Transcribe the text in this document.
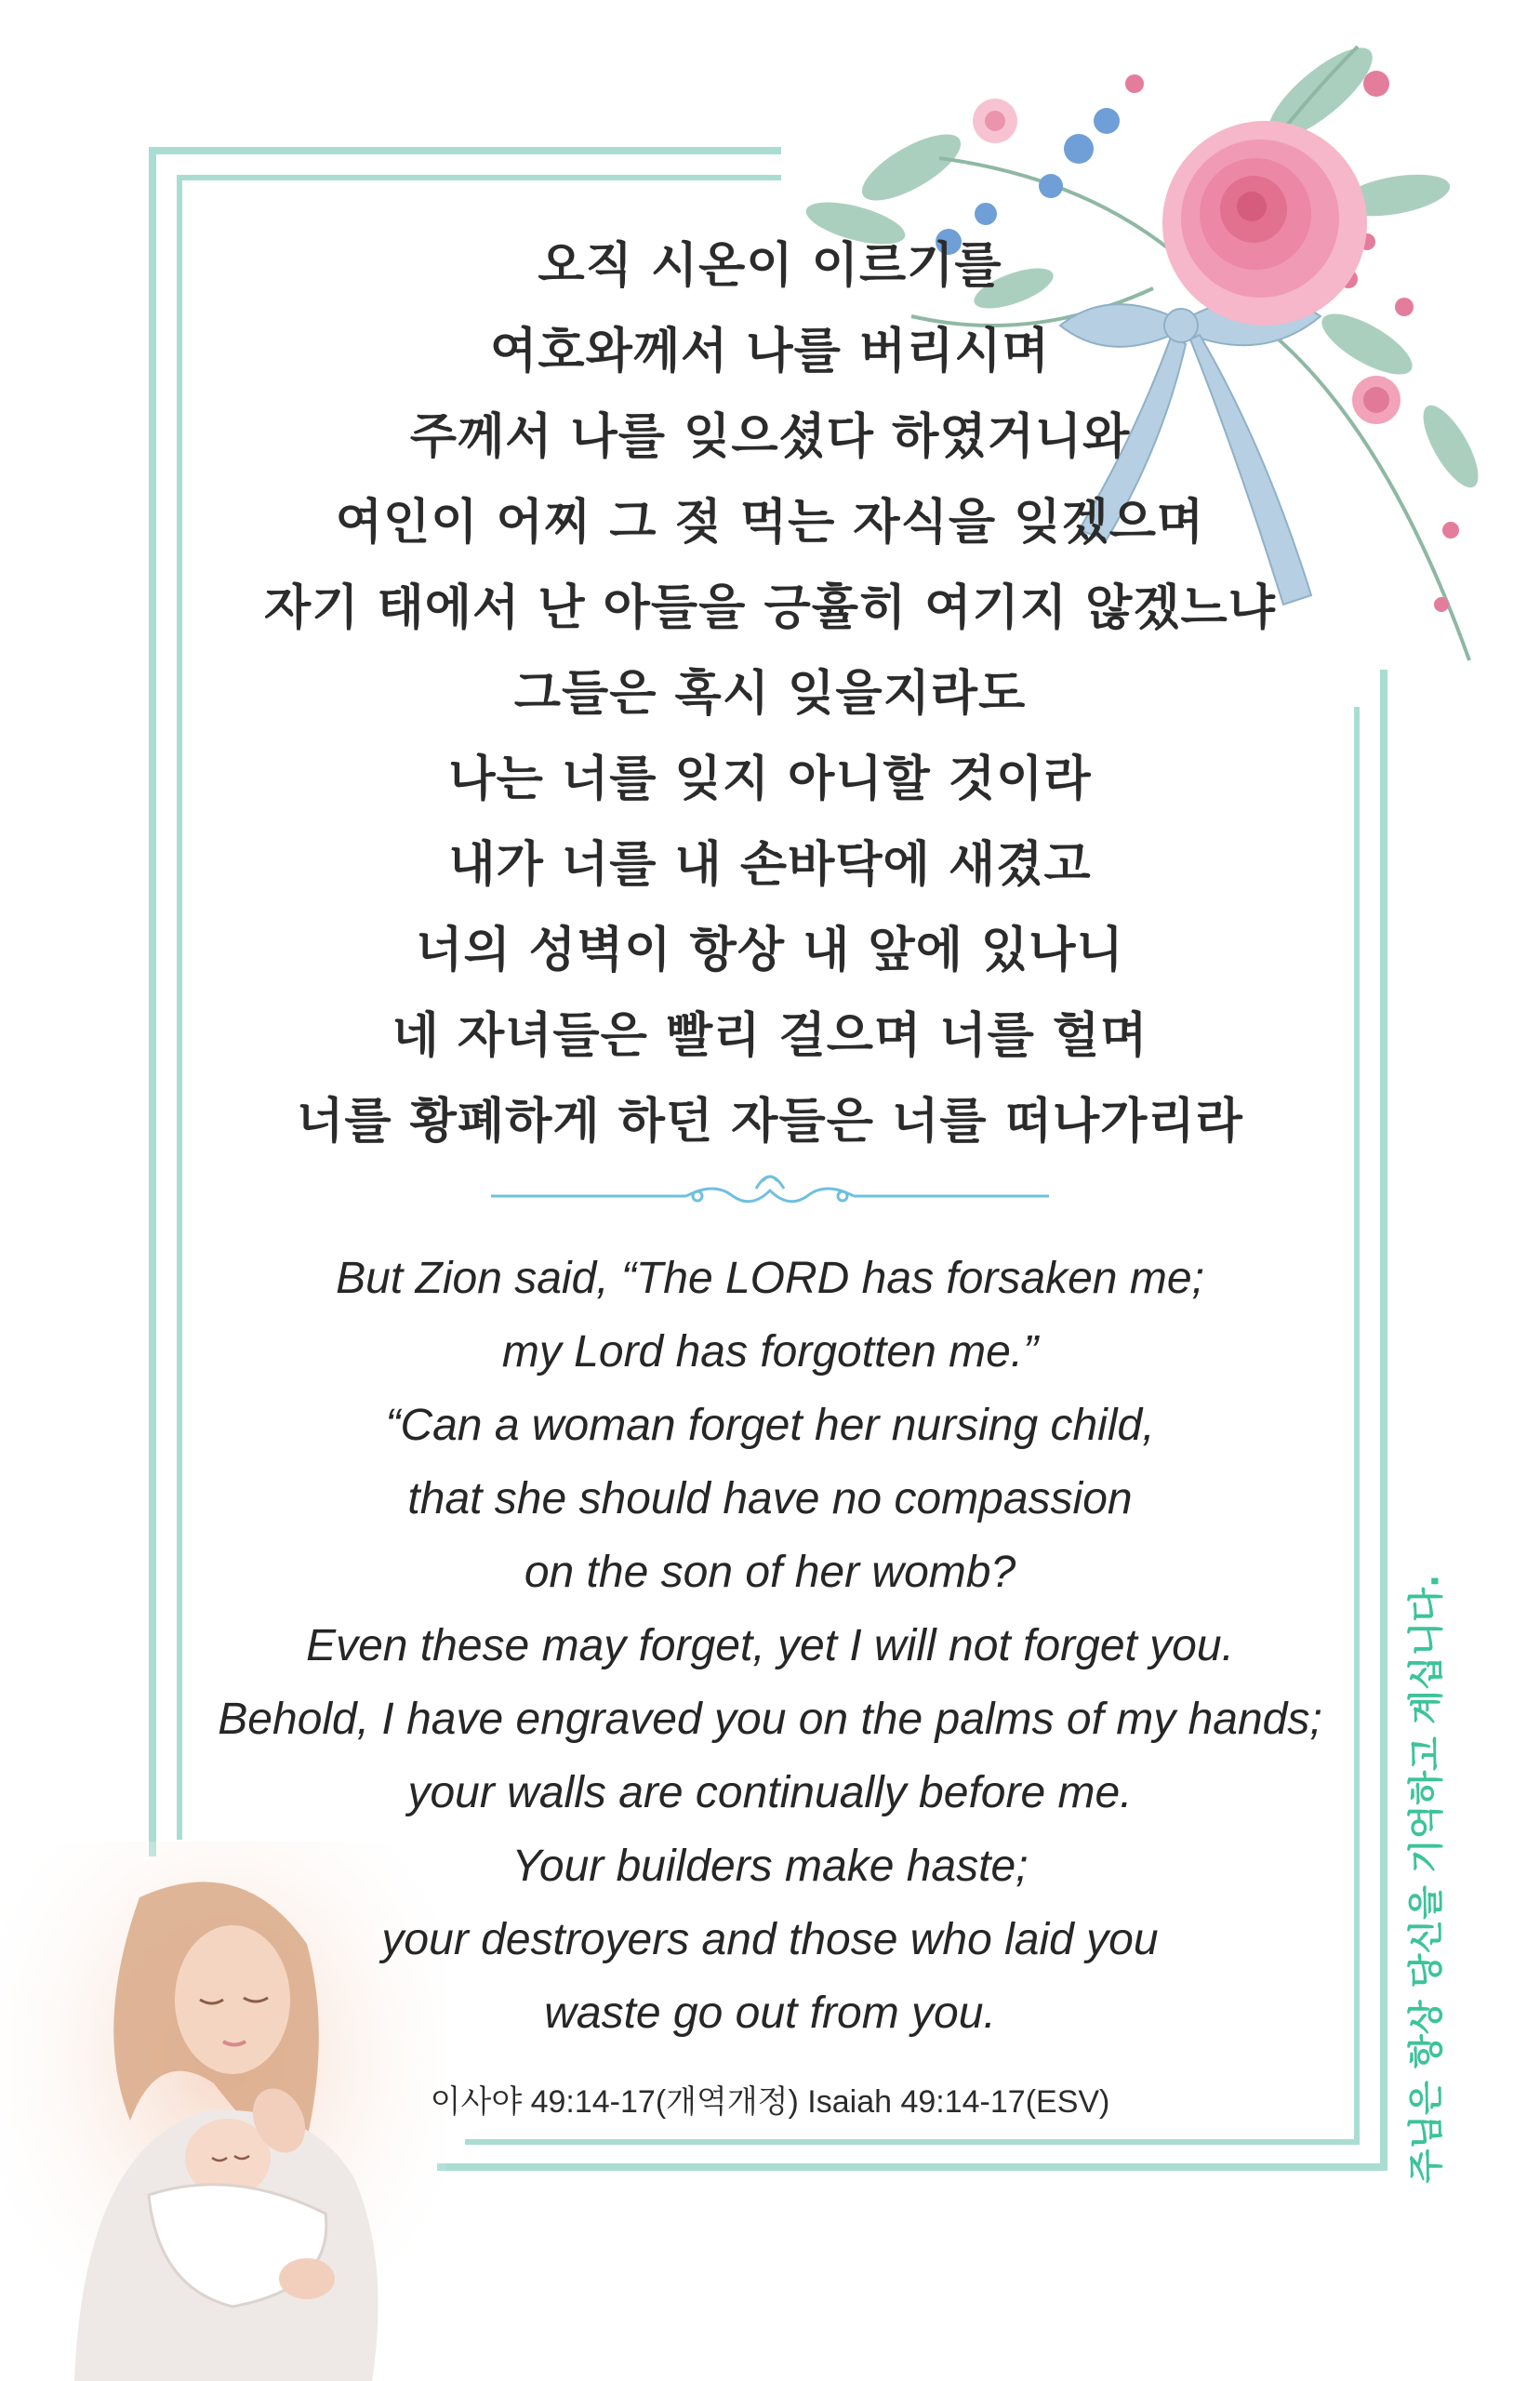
오직 시온이 이르기를
여호와께서 나를 버리시며
주께서 나를 잊으셨다 하였거니와
여인이 어찌 그 젖 먹는 자식을 잊겠으며
자기 태에서 난 아들을 긍휼히 여기지 않겠느냐
그들은 혹시 잊을지라도
나는 너를 잊지 아니할 것이라
내가 너를 내 손바닥에 새겼고
너의 성벽이 항상 내 앞에 있나니
네 자녀들은 빨리 걸으며 너를 헐며
너를 황폐하게 하던 자들은 너를 떠나가리라
But Zion said, “The LORD has forsaken me;
my Lord has forgotten me.”
“Can a woman forget her nursing child,
that she should have no compassion
on the son of her womb?
Even these may forget, yet I will not forget you.
Behold, I have engraved you on the palms of my hands;
your walls are continually before me.
Your builders make haste;
your destroyers and those who laid you
waste go out from you.
이사야 49:14-17(개역개정) Isaiah 49:14-17(ESV)	주님은 항상 당신을 기억하고 계십니다.
